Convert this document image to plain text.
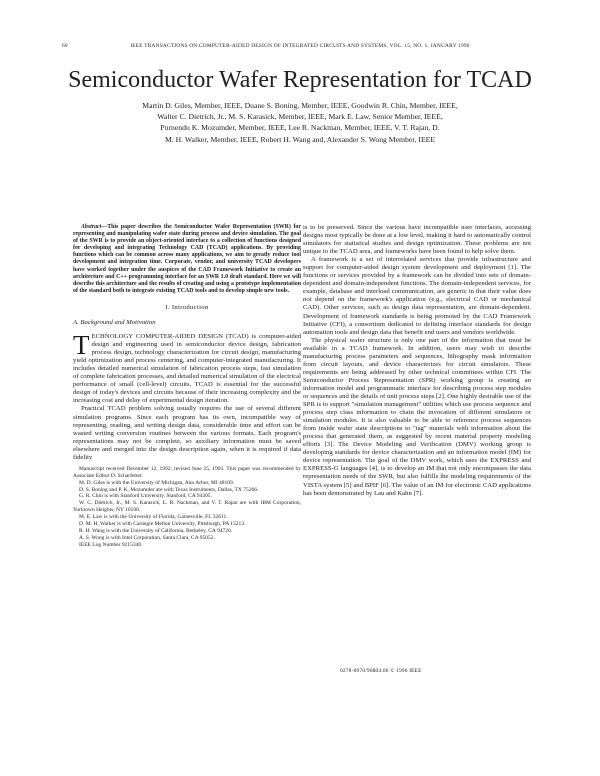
60	IEEE TRANSACTIONS ON COMPUTER-AIDED DESIGN OF INTEGRATED CIRCUITS AND SYSTEMS, VOL. 15, NO. 1, JANUARY 1996
Semiconductor Wafer Representation for TCAD
Martin D. Giles, Member, IEEE, Duane S. Boning, Member, IEEE, Goodwin R. Chin, Member, IEEE,
Walter C. Dietrich, Jr., M. S. Karasick, Member, IEEE, Mark E. Law, Senior Member, IEEE,
Purnendu K. Mozumder, Member, IEEE, Lee R. Nackman, Member, IEEE, V. T. Rajan, D.
M. H. Walker, Member, IEEE, Robert H. Wang and, Alexander S. Wong Member, IEEE

Abstract—This paper describes the Semiconductor Wafer Representation (SWR) for representing and manipulating wafer state during process and device simulation. The goal of the SWR is to provide an object-oriented interface to a collection of functions designed for developing and integrating Technology CAD (TCAD) applications. By providing functions which can be common across many applications, we aim to greatly reduce tool development and integration time. Corporate, vendor, and university TCAD developers have worked together under the auspices of the CAD Framework Initiative to create an architecture and C++ programming interface for an SWR 1.0 draft standard. Here we will describe this architecture and the results of creating and using a prototype implementation of the standard both to integrate existing TCAD tools and to develop simple new tools.

I. Introduction
A. Background and Motivation

TECHNOLOGY COMPUTER-AIDED DESIGN (TCAD) is computer-aided design and engineering used in semiconductor device design, fabrication process design, technology characterization for circuit design, manufacturing yield optimization and process centering, and computer-integrated manufacturing. It includes detailed numerical simulation of fabrication process steps, fast simulation of complete fabrication processes, and detailed numerical simulation of the electrical performance of small (cell-level) circuits. TCAD is essential for the successful design of today's devices and circuits because of their increasing complexity and the increasing cost and delay of experimental design iteration.

Practical TCAD problem solving usually requires the use of several different simulation programs. Since each program has its own, incompatible way of representing, reading, and writing design data, considerable time and effort can be wasted writing conversion routines between the various formats. Each program's representations may not be complete, so auxiliary information must be saved elsewhere and merged into the design description again, when it is required if data fidelity

Manuscript received December 12, 1992; revised June 25, 1993. This paper was recommended by Associate Editor D. Scharfetter.

M. D. Giles is with the University of Michigan, Ann Arbor, MI 48109.

D. S. Boning and P. K. Mozumder are with Texas Instruments, Dallas, TX 75266.

G. R. Chin is with Stanford University, Stanford, CA 94305.

W. C. Dietrich, Jr., M. S. Karasick, L. R. Nackman, and V. T. Rajan are with IBM Corporation, Yorktown Heights, NY 10598.

M. E. Law is with the University of Florida, Gainesville, FL 32611.

D. M. H. Walker is with Carnegie Mellon University, Pittsburgh, PA 15213.

R. H. Wang is with the University of California, Berkeley, CA 94720.

A. S. Wong is with Intel Corporation, Santa Clara, CA 95052.

IEEE Log Number 9215340.

is to be preserved. Since the various have incompatible user interfaces, accessing designs most typically be done at a low level, making it hard to automatically control simulators for statistical studies and design optimization. These problems are not unique to the TCAD area, and frameworks have been found to help solve them.

A framework is a set of interrelated services that provide infrastructure and support for computer-aided design system development and deployment [1]. The functions or services provided by a framework can be divided into sets of domain-dependent and domain-independent functions. The domain-independent services, for example, database and interload communication, are generic in that their value does not depend on the framework's application (e.g., electrical CAD or mechanical CAD). Other services, such as design data representation, are domain-dependent. Development of framework standards is being promoted by the CAD Framework Initiative (CFI), a consortium dedicated to defining interface standards for design automation tools and design data that benefit end users and vendors worldwide.

The physical wafer structure is only one part of the information that must be available in a TCAD framework. In addition, users may wish to describe manufacturing process parameters and sequences, lithography mask information from circuit layouts, and device characterizes for circuit simulators. These requirements are being addressed by other technical committees within CFI. The Semiconductor Process Representation (SPR) working group is creating an information model and programmatic interface for describing process step modules or sequences and the details of unit process steps [2]. One highly desirable use of the SPR is to support "simulation management" utilities which use process sequence and process step class information to chain the invocation of different simulators or simulation modules. It is also valuable to be able to reference process sequences from inside wafer state descriptions to "tag" materials with information about the process that generated them, as suggested by recent material property modeling efforts [3]. The Device Modeling and Verification (DMV) working group is developing standards for device characterization and an information model (IM) for device representation. The goal of the DMV work, which uses the EXPRESS and EXPRESS-G languages [4], is to develop an IM that not only encompasses the data representation needs of the SWR, but also fulfills the modeling requirements of the VISTA system [5] and BPIF [6]. The value of an IM for electronic CAD applications has been demonstrated by Lau and Kahn [7].

0278-0070/96$04.00 © 1996 IEEE
